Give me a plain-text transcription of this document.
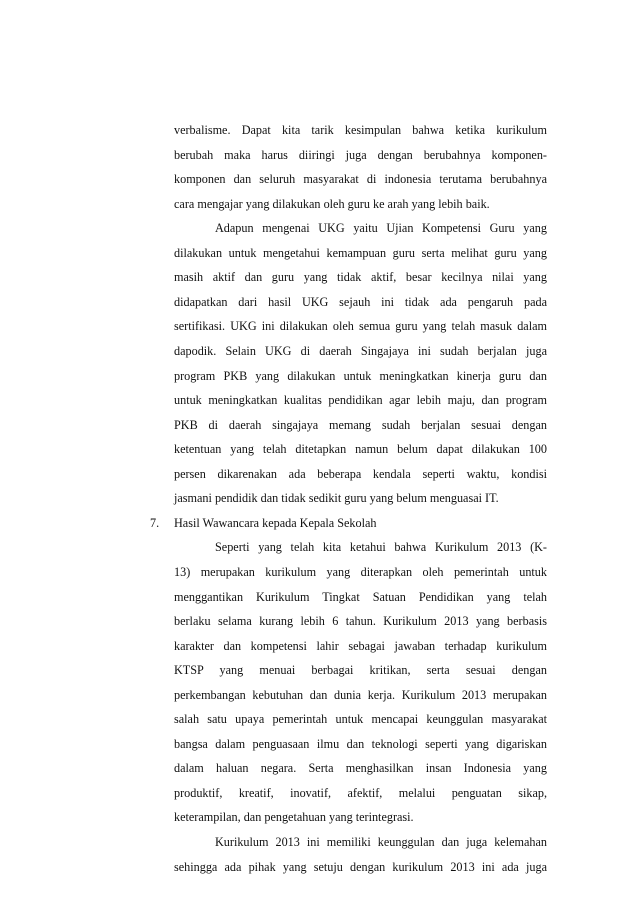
verbalisme. Dapat kita tarik kesimpulan bahwa ketika kurikulum
berubah maka harus diiringi juga dengan berubahnya komponen-
komponen dan seluruh masyarakat di indonesia terutama berubahnya
cara mengajar yang dilakukan oleh guru ke arah yang lebih baik.
Adapun mengenai UKG yaitu Ujian Kompetensi Guru yang
dilakukan untuk mengetahui kemampuan guru serta melihat guru yang
masih aktif dan guru yang tidak aktif, besar kecilnya nilai yang
didapatkan dari hasil UKG sejauh ini tidak ada pengaruh pada
sertifikasi. UKG ini dilakukan oleh semua guru yang telah masuk dalam
dapodik. Selain UKG di daerah Singajaya ini sudah berjalan juga
program PKB yang dilakukan untuk meningkatkan kinerja guru dan
untuk meningkatkan kualitas pendidikan agar lebih maju, dan program
PKB di daerah singajaya memang sudah berjalan sesuai dengan
ketentuan yang telah ditetapkan namun belum dapat dilakukan 100
persen dikarenakan ada beberapa kendala seperti waktu, kondisi
jasmani pendidik dan tidak sedikit guru yang belum menguasai IT.
7. Hasil Wawancara kepada Kepala Sekolah
Seperti yang telah kita ketahui bahwa Kurikulum 2013 (K-
13) merupakan kurikulum yang diterapkan oleh pemerintah untuk
menggantikan Kurikulum Tingkat Satuan Pendidikan yang telah
berlaku selama kurang lebih 6 tahun. Kurikulum 2013 yang berbasis
karakter dan kompetensi lahir sebagai jawaban terhadap kurikulum
KTSP yang menuai berbagai kritikan, serta sesuai dengan
perkembangan kebutuhan dan dunia kerja. Kurikulum 2013 merupakan
salah satu upaya pemerintah untuk mencapai keunggulan masyarakat
bangsa dalam penguasaan ilmu dan teknologi seperti yang digariskan
dalam haluan negara. Serta menghasilkan insan Indonesia yang
produktif, kreatif, inovatif, afektif, melalui penguatan sikap,
keterampilan, dan pengetahuan yang terintegrasi.
Kurikulum 2013 ini memiliki keunggulan dan juga kelemahan
sehingga ada pihak yang setuju dengan kurikulum 2013 ini ada juga
